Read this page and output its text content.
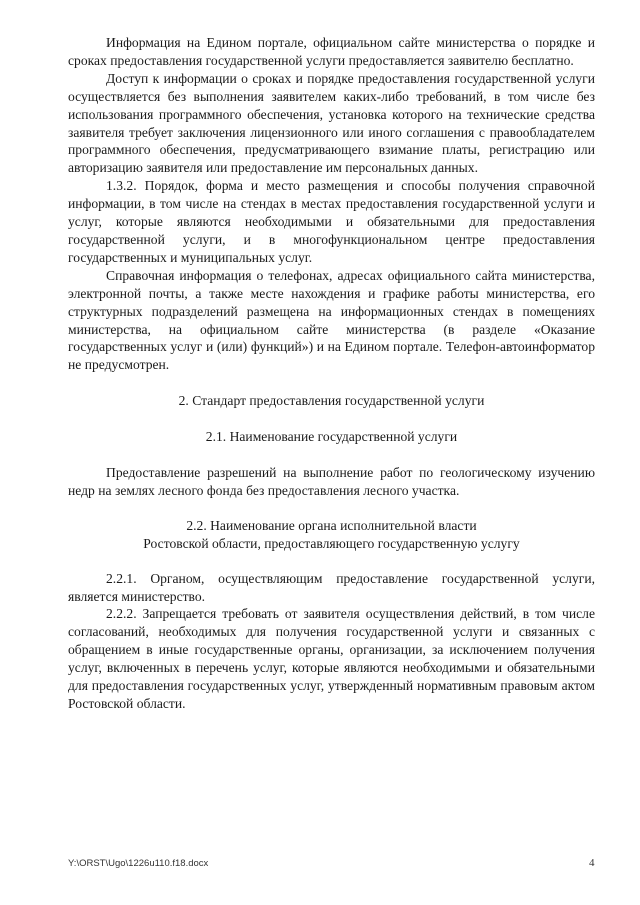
Информация на Едином портале, официальном сайте министерства о порядке и сроках предоставления государственной услуги предоставляется заявителю бесплатно.

Доступ к информации о сроках и порядке предоставления государственной услуги осуществляется без выполнения заявителем каких-либо требований, в том числе без использования программного обеспечения, установка которого на технические средства заявителя требует заключения лицензионного или иного соглашения с правообладателем программного обеспечения, предусматривающего взимание платы, регистрацию или авторизацию заявителя или предоставление им персональных данных.

1.3.2. Порядок, форма и место размещения и способы получения справочной информации, в том числе на стендах в местах предоставления государственной услуги и услуг, которые являются необходимыми и обязательными для предоставления государственной услуги, и в многофункциональном центре предоставления государственных и муниципальных услуг.

Справочная информация о телефонах, адресах официального сайта министерства, электронной почты, а также месте нахождения и графике работы министерства, его структурных подразделений размещена на информационных стендах в помещениях министерства, на официальном сайте министерства (в разделе «Оказание государственных услуг и (или) функций») и на Едином портале. Телефон-автоинформатор не предусмотрен.

2. Стандарт предоставления государственной услуги

2.1. Наименование государственной услуги

Предоставление разрешений на выполнение работ по геологическому изучению недр на землях лесного фонда без предоставления лесного участка.

2.2. Наименование органа исполнительной власти

Ростовской области, предоставляющего государственную услугу

2.2.1. Органом, осуществляющим предоставление государственной услуги, является министерство.

2.2.2. Запрещается требовать от заявителя осуществления действий, в том числе согласований, необходимых для получения государственной услуги и связанных с обращением в иные государственные органы, организации, за исключением получения услуг, включенных в перечень услуг, которые являются необходимыми и обязательными для предоставления государственных услуг, утвержденный нормативным правовым актом Ростовской области.

Y:\ORST\Ugo\1226u110.f18.docx	4
